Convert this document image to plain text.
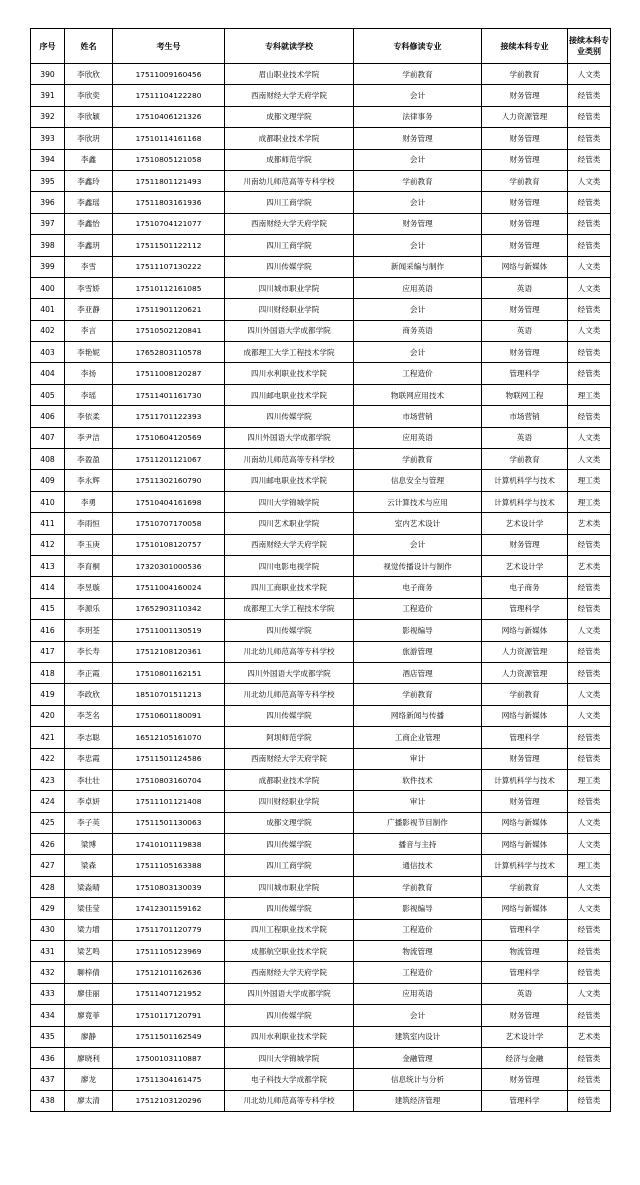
序号	姓名	考生号	专科就读学校	专科修读专业	接续本科专业	接续本科专业类别
390	李欣欣	17511009160456	眉山职业技术学院	学前教育	学前教育	人文类
391	李欣奕	17511104122280	西南财经大学天府学院	会计	财务管理	经管类
392	李欣颖	17510406121326	成都文理学院	法律事务	人力资源管理	经管类
393	李欣玥	17510114161168	成都职业技术学院	财务管理	财务管理	经管类
394	李鑫	17510805121058	成都师范学院	会计	财务管理	经管类
395	李鑫玲	17511801121493	川南幼儿师范高等专科学校	学前教育	学前教育	人文类
396	李鑫瑶	17511803161936	四川工商学院	会计	财务管理	经管类
397	李鑫怡	17510704121077	西南财经大学天府学院	财务管理	财务管理	经管类
398	李鑫玥	17511501122112	四川工商学院	会计	财务管理	经管类
399	李雪	17511107130222	四川传媒学院	新闻采编与制作	网络与新媒体	人文类
400	李雪娇	17510112161085	四川城市职业学院	应用英语	英语	人文类
401	李亚静	17511901120621	四川财经职业学院	会计	财务管理	经管类
402	李言	17510502120841	四川外国语大学成都学院	商务英语	英语	人文类
403	李艳妮	17652803110578	成都理工大学工程技术学院	会计	财务管理	经管类
404	李扬	17511008120287	四川水利职业技术学院	工程造价	管理科学	经管类
405	李瑶	17511401161730	四川邮电职业技术学院	物联网应用技术	物联网工程	理工类
406	李依柔	17511701122393	四川传媒学院	市场营销	市场营销	经管类
407	李尹洁	17510604120569	四川外国语大学成都学院	应用英语	英语	人文类
408	李盈盈	17511201121067	川南幼儿师范高等专科学校	学前教育	学前教育	人文类
409	李永辉	17511302160790	四川邮电职业技术学院	信息安全与管理	计算机科学与技术	理工类
410	李勇	17510404161698	四川大学锦城学院	云计算技术与应用	计算机科学与技术	理工类
411	李雨恒	17510707170058	四川艺术职业学院	室内艺术设计	艺术设计学	艺术类
412	李玉庚	17510108120757	西南财经大学天府学院	会计	财务管理	经管类
413	李育桐	17320301000536	四川电影电视学院	视觉传播设计与制作	艺术设计学	艺术类
414	李昱璇	17511004160024	四川工商职业技术学院	电子商务	电子商务	经管类
415	李源乐	17652903110342	成都理工大学工程技术学院	工程造价	管理科学	经管类
416	李玥荃	17511001130519	四川传媒学院	影视编导	网络与新媒体	人文类
417	李长寿	17512108120361	川北幼儿师范高等专科学校	旅游管理	人力资源管理	经管类
418	李正霞	17510801162151	四川外国语大学成都学院	酒店管理	人力资源管理	经管类
419	李政欣	18510701511213	川北幼儿师范高等专科学校	学前教育	学前教育	人文类
420	李芝名	17510601180091	四川传媒学院	网络新闻与传播	网络与新媒体	人文类
421	李志聪	16512105161070	阿坝师范学院	工商企业管理	管理科学	经管类
422	李忠霞	17511501124586	西南财经大学天府学院	审计	财务管理	经管类
423	李壮壮	17510803160704	成都职业技术学院	软件技术	计算机科学与技术	理工类
424	李卓妍	17511101121408	四川财经职业学院	审计	财务管理	经管类
425	李子英	17511501130063	成都文理学院	广播影视节目制作	网络与新媒体	人文类
426	梁博	17410101119838	四川传媒学院	播音与主持	网络与新媒体	人文类
427	梁森	17511105163388	四川工商学院	通信技术	计算机科学与技术	理工类
428	梁淼晴	17510803130039	四川城市职业学院	学前教育	学前教育	人文类
429	梁佳莹	17412301159162	四川传媒学院	影视编导	网络与新媒体	人文类
430	梁力增	17511701120779	四川工程职业技术学院	工程造价	管理科学	经管类
431	梁艺鸣	17511105123969	成都航空职业技术学院	物流管理	物流管理	经管类
432	聊梓倩	17512101162636	西南财经大学天府学院	工程造价	管理科学	经管类
433	廖佳丽	17511407121952	四川外国语大学成都学院	应用英语	英语	人文类
434	廖竟菲	17510117120791	四川传媒学院	会计	财务管理	经管类
435	廖静	17511501162549	四川水利职业技术学院	建筑室内设计	艺术设计学	艺术类
436	廖晓利	17500103110887	四川大学锦城学院	金融管理	经济与金融	经管类
437	廖龙	17511304161475	电子科技大学成都学院	信息统计与分析	财务管理	经管类
438	廖太清	17512103120296	川北幼儿师范高等专科学校	建筑经济管理	管理科学	经管类
